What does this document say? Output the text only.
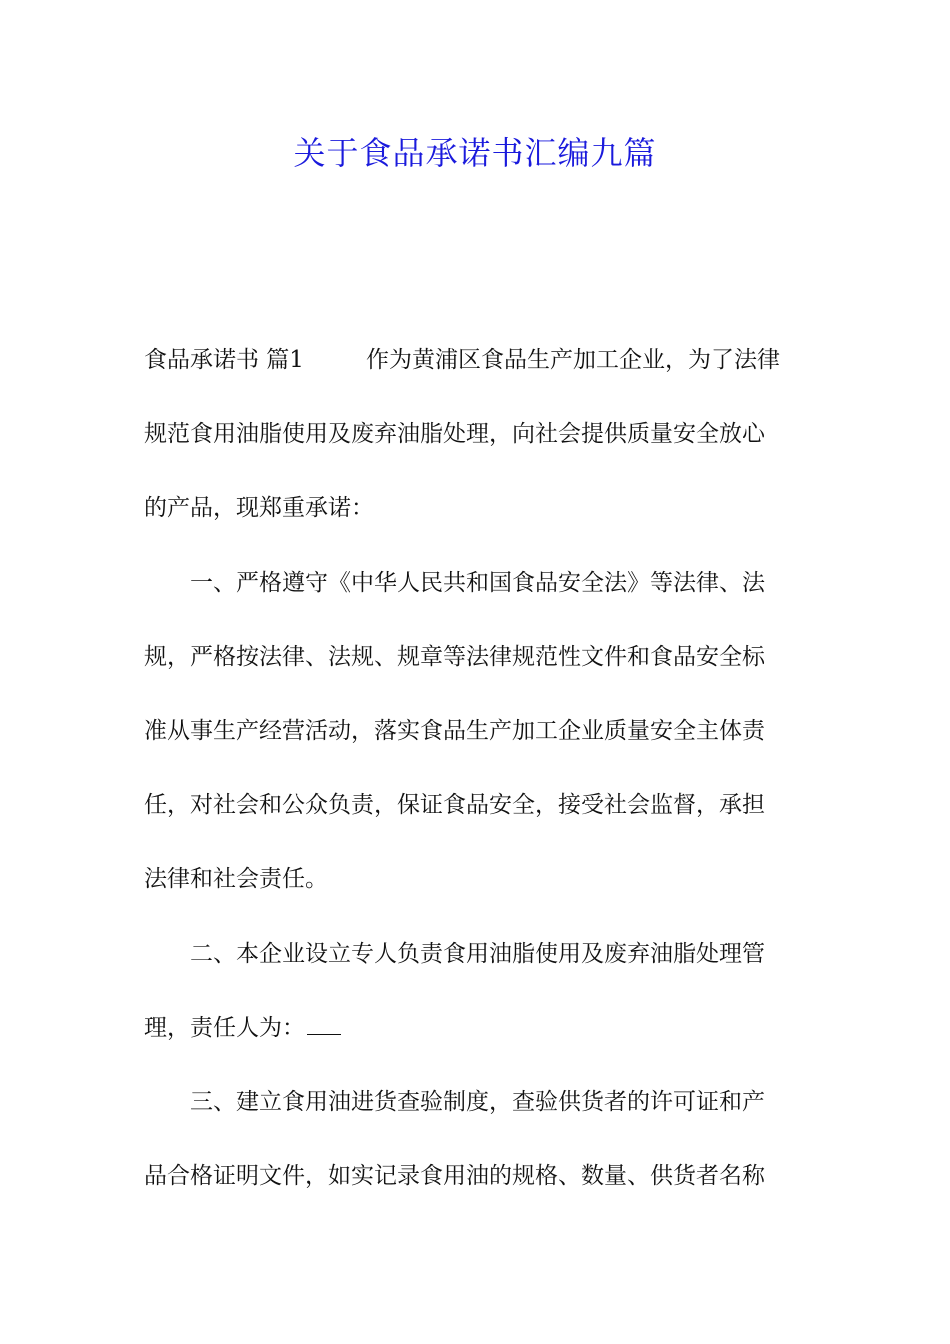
关于食品承诺书汇编九篇
食品承诺书 篇1	作为黄浦区食品生产加工企业，为了法律
规范食用油脂使用及废弃油脂处理，向社会提供质量安全放心
的产品，现郑重承诺：
一、严格遵守《中华人民共和国食品安全法》等法律、法
规，严格按法律、法规、规章等法律规范性文件和食品安全标
准从事生产经营活动，落实食品生产加工企业质量安全主体责
任，对社会和公众负责，保证食品安全，接受社会监督，承担
法律和社会责任。
二、本企业设立专人负责食用油脂使用及废弃油脂处理管
理，责任人为：
三、建立食用油进货查验制度，查验供货者的许可证和产
品合格证明文件，如实记录食用油的规格、数量、供货者名称
